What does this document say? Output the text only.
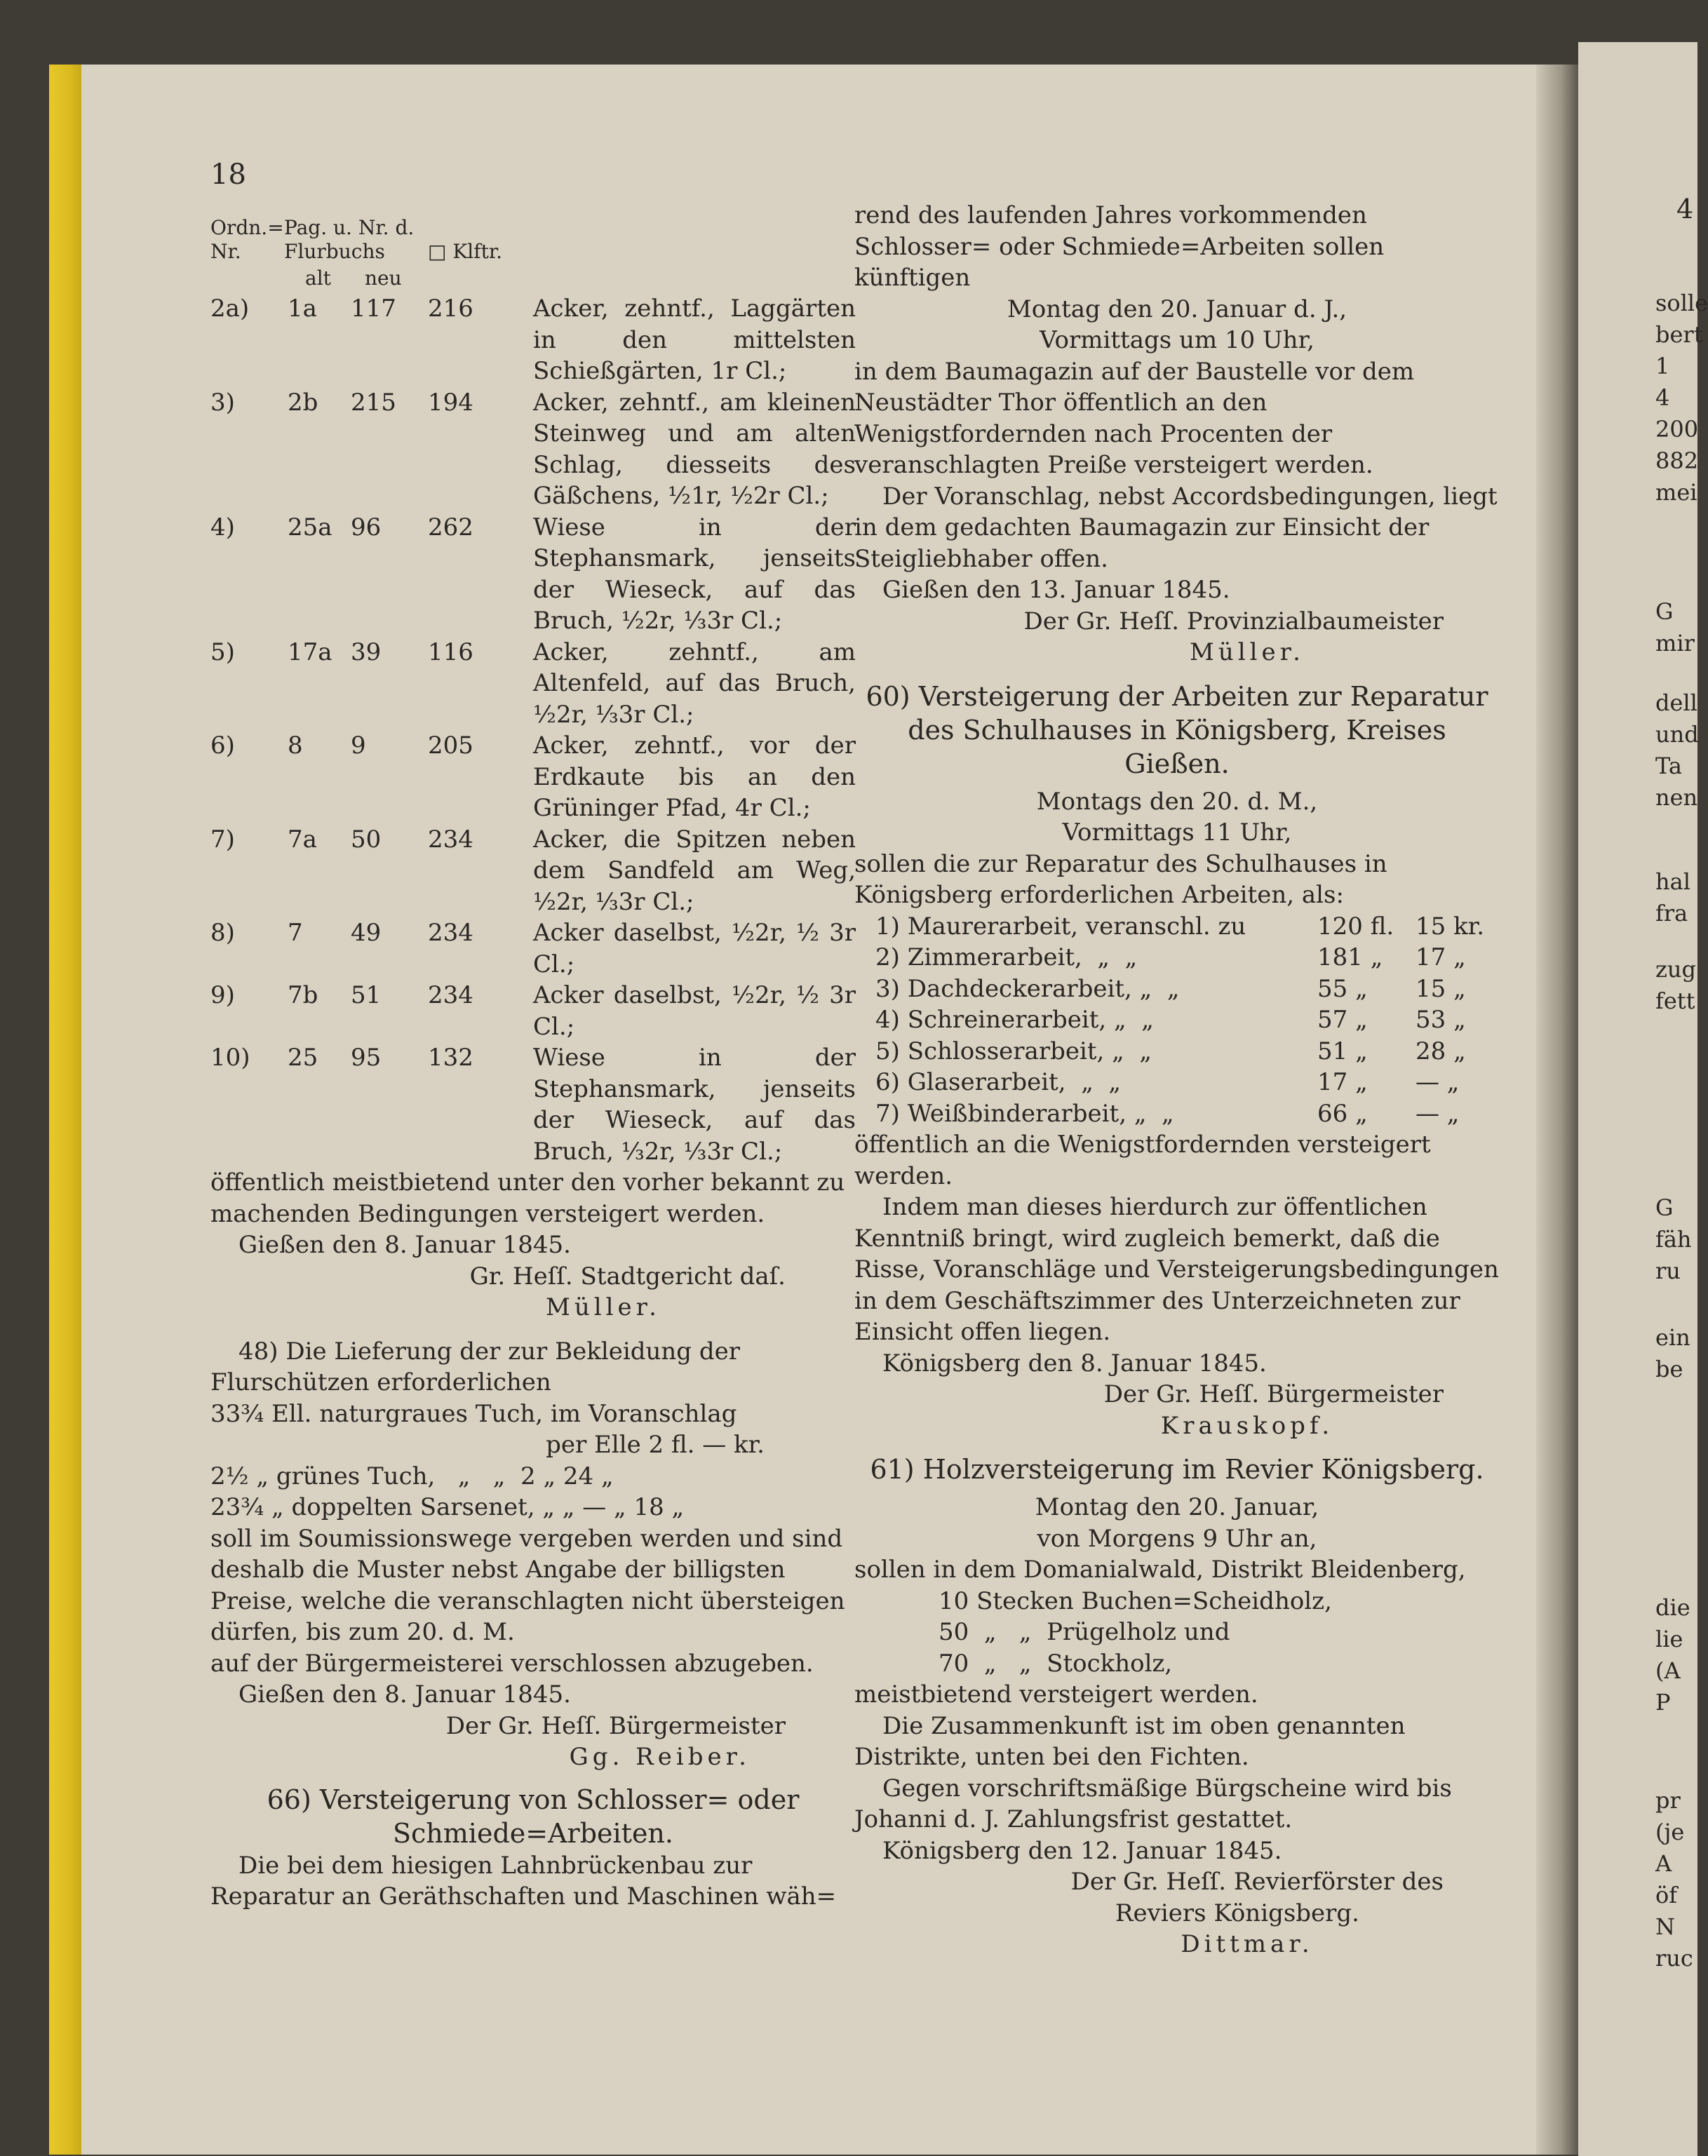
18
4
Ordn.= Nr.
Pag. u. Nr. d. Flurbuchs
alt neu
□ Klftr.
2a) 1a 117 216	Acker, zehntf., Laggärten in den mittelsten Schießgärten, 1r Cl.;
3) 2b 215 194	Acker, zehntf., am kleinen Steinweg und am alten Schlag, diesseits des Gäßchens, ½1r, ½2r Cl.;
4) 25a 96 262	Wiese in der Stephansmark, jenseits der Wieseck, auf das Bruch, ½2r, ⅓3r Cl.;
5) 17a 39 116	Acker, zehntf., am Altenfeld, auf das Bruch, ½2r, ⅓3r Cl.;
6) 8 9	205	Acker, zehntf., vor der Erdkaute bis an den Grüninger Pfad, 4r Cl.;
7) 7a 50 234	Acker, die Spitzen neben dem Sandfeld am Weg, ½2r, ⅓3r Cl.;
8) 7 49 234	Acker daselbst, ½2r, ½ 3r Cl.;
9) 7b 51 234	Acker daselbst, ½2r, ½ 3r Cl.;
10) 25 95 132	Wiese in der Stephansmark, jenseits der Wieseck, auf das Bruch, ⅓2r, ⅓3r Cl.;

öffentlich meistbietend unter den vorher bekannt zu machenden Bedingungen versteigert werden.

Gießen den 8. Januar 1845.

Gr. Heſſ. Stadtgericht daſ.

Müller.

48) Die Lieferung der zur Bekleidung der Flurschützen erforderlichen

33¾ Ell. naturgraues Tuch, im Voranschlag

per Elle 2 fl. — kr.

2½ „ grünes Tuch,   „   „  2 „ 24 „

23¾ „ doppelten Sarsenet, „ „ — „ 18 „

soll im Soumissionswege vergeben werden und sind deshalb die Muster nebst Angabe der billigsten Preise, welche die veranschlagten nicht übersteigen dürfen, bis zum 20. d. M.

auf der Bürgermeisterei verschlossen abzugeben.

Gießen den 8. Januar 1845.

Der Gr. Heſſ. Bürgermeister

Gg. Reiber.

66) Versteigerung von Schlosser= oder Schmiede=Arbeiten.

Die bei dem hiesigen Lahnbrückenbau zur Reparatur an Geräthschaften und Maschinen wäh=

rend des laufenden Jahres vorkommenden Schlosser= oder Schmiede=Arbeiten sollen künftigen

Montag den 20. Januar d. J.,

Vormittags um 10 Uhr,

in dem Baumagazin auf der Baustelle vor dem Neustädter Thor öffentlich an den Wenigstfordernden nach Procenten der veranschlagten Preiße versteigert werden.

Der Voranschlag, nebst Accordsbedingungen, liegt in dem gedachten Baumagazin zur Einsicht der Steigliebhaber offen.

Gießen den 13. Januar 1845.

Der Gr. Heſſ. Provinzialbaumeister

Müller.

60) Versteigerung der Arbeiten zur Reparatur des Schulhauses in Königsberg, Kreises Gießen.

Montags den 20. d. M.,

Vormittags 11 Uhr,

sollen die zur Reparatur des Schulhauses in Königsberg erforderlichen Arbeiten, als:

1) Maurerarbeit, veranschl. zu	120 fl. 15 kr.
2) Zimmerarbeit,  „  „	181 „ 17 „
3) Dachdeckerarbeit, „  „	55 „ 15 „
4) Schreinerarbeit, „  „	57 „ 53 „
5) Schlosserarbeit, „  „	51 „ 28 „
6) Glaserarbeit,  „  „	17 „ — „
7) Weißbinderarbeit, „  „	66 „ — „

öffentlich an die Wenigstfordernden versteigert werden.

Indem man dieses hierdurch zur öffentlichen Kenntniß bringt, wird zugleich bemerkt, daß die Risse, Voranschläge und Versteigerungsbedingungen in dem Geschäftszimmer des Unterzeichneten zur Einsicht offen liegen.

Königsberg den 8. Januar 1845.

Der Gr. Heſſ. Bürgermeister

Krauskopf.

61) Holzversteigerung im Revier Königsberg.

Montag den 20. Januar,

von Morgens 9 Uhr an,

sollen in dem Domanialwald, Distrikt Bleidenberg,

10 Stecken Buchen=Scheidholz,

50  „   „  Prügelholz und

70  „   „  Stockholz,

meistbietend versteigert werden.

Die Zusammenkunft ist im oben genannten Distrikte, unten bei den Fichten.

Gegen vorschriftsmäßige Bürgscheine wird bis Johanni d. J. Zahlungsfrist gestattet.

Königsberg den 12. Januar 1845.

Der Gr. Heſſ. Revierförster des

Reviers Königsberg.

Dittmar.

solle
bert
1
4
200
882
mei
G
mir
dell
und
Ta
nen
hal
fra
zug
fett
G
fäh
ru
ein
be
die
lie
(A
P
pr
(je
A
öf
N
ruc
